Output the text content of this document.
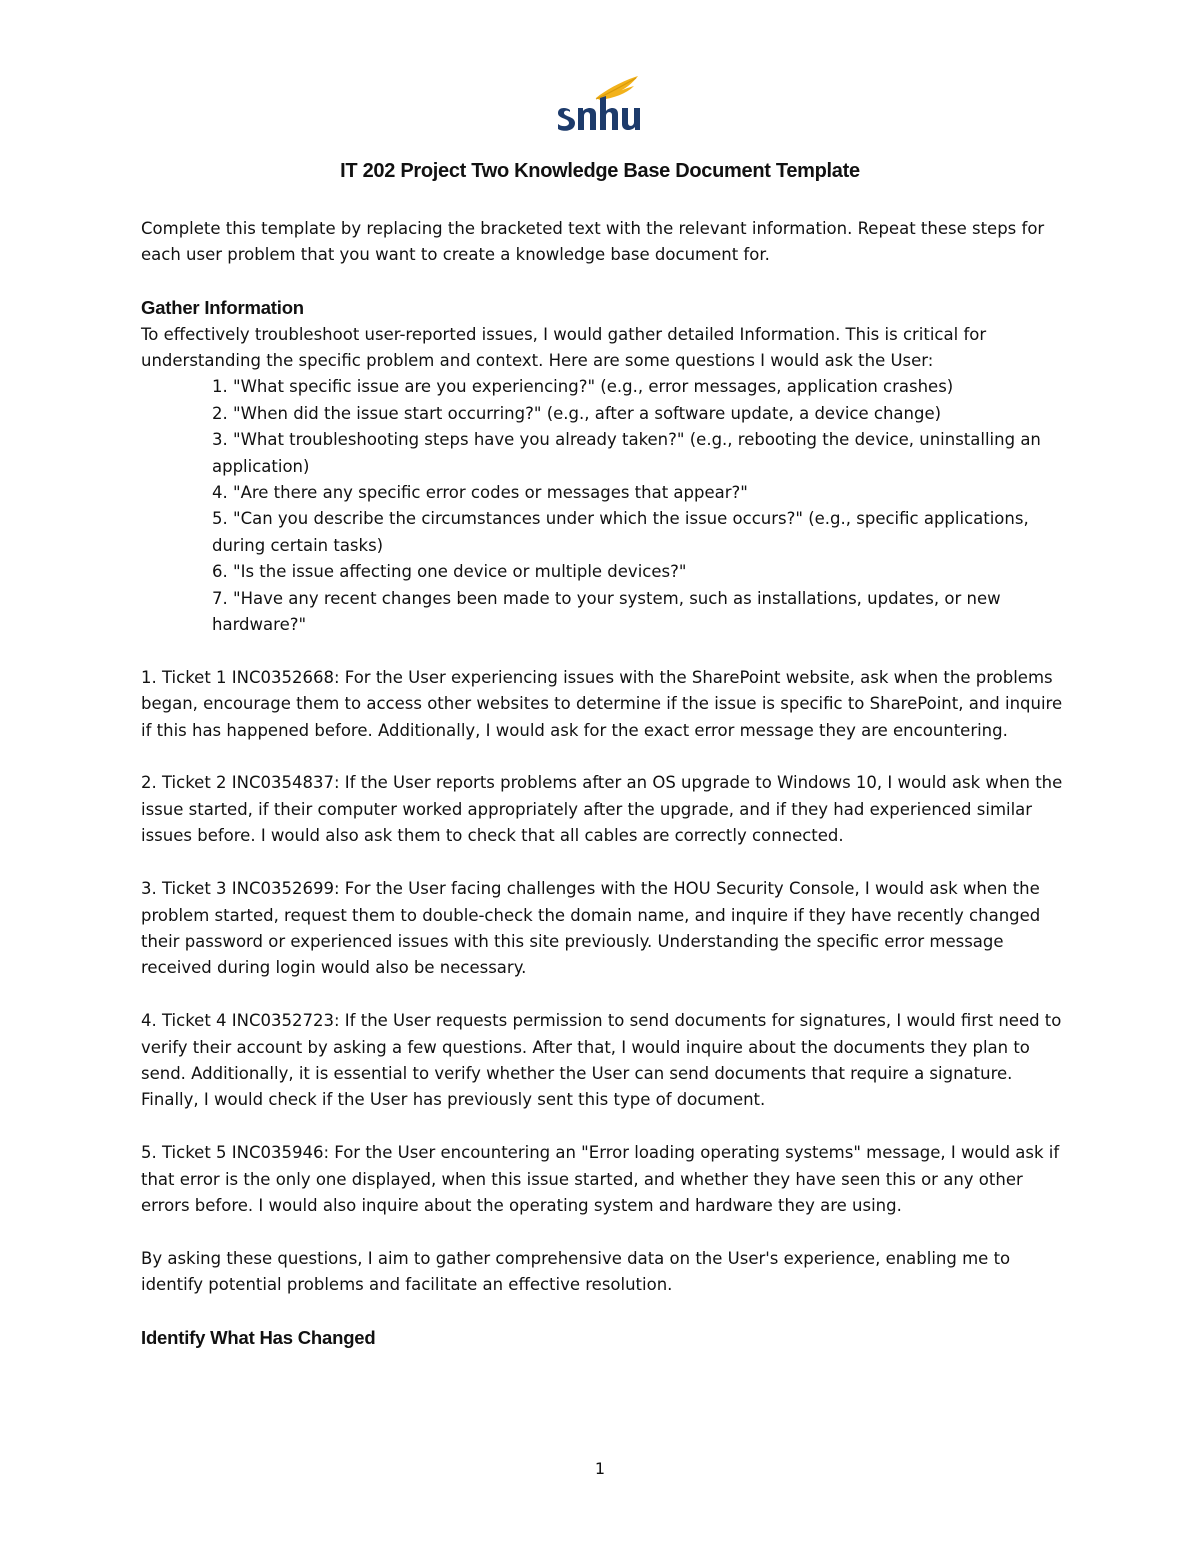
IT 202 Project Two Knowledge Base Document Template

Complete this template by replacing the bracketed text with the relevant information. Repeat these steps for each user problem that you want to create a knowledge base document for.

Gather Information

To effectively troubleshoot user-reported issues, I would gather detailed Information. This is critical for understanding the specific problem and context. Here are some questions I would ask the User:

1. "What specific issue are you experiencing?" (e.g., error messages, application crashes)
2. "When did the issue start occurring?" (e.g., after a software update, a device change)
3. "What troubleshooting steps have you already taken?" (e.g., rebooting the device, uninstalling an application)
4. "Are there any specific error codes or messages that appear?"
5. "Can you describe the circumstances under which the issue occurs?" (e.g., specific applications, during certain tasks)
6. "Is the issue affecting one device or multiple devices?"
7. "Have any recent changes been made to your system, such as installations, updates, or new hardware?"

1. Ticket 1 INC0352668: For the User experiencing issues with the SharePoint website, ask when the problems began, encourage them to access other websites to determine if the issue is specific to SharePoint, and inquire if this has happened before. Additionally, I would ask for the exact error message they are encountering.

2. Ticket 2 INC0354837: If the User reports problems after an OS upgrade to Windows 10, I would ask when the issue started, if their computer worked appropriately after the upgrade, and if they had experienced similar issues before. I would also ask them to check that all cables are correctly connected.

3. Ticket 3 INC0352699: For the User facing challenges with the HOU Security Console, I would ask when the problem started, request them to double-check the domain name, and inquire if they have recently changed their password or experienced issues with this site previously. Understanding the specific error message received during login would also be necessary.

4. Ticket 4 INC0352723: If the User requests permission to send documents for signatures, I would first need to verify their account by asking a few questions. After that, I would inquire about the documents they plan to send. Additionally, it is essential to verify whether the User can send documents that require a signature. Finally, I would check if the User has previously sent this type of document.

5. Ticket 5 INC035946: For the User encountering an "Error loading operating systems" message, I would ask if that error is the only one displayed, when this issue started, and whether they have seen this or any other errors before. I would also inquire about the operating system and hardware they are using.

By asking these questions, I aim to gather comprehensive data on the User's experience, enabling me to identify potential problems and facilitate an effective resolution.

Identify What Has Changed
1
